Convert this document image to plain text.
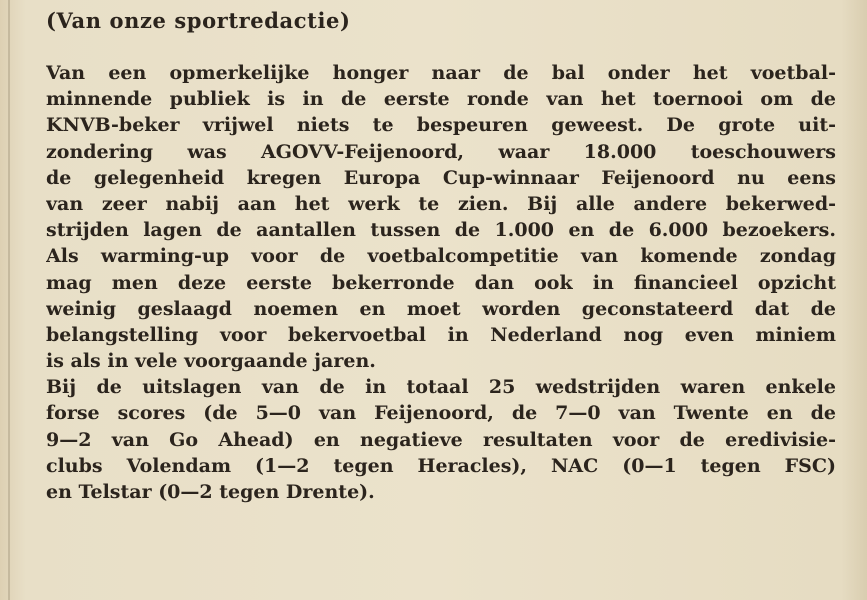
(Van onze sportredactie)
Van een opmerkelijke honger naar de bal onder het voetbal-
minnende publiek is in de eerste ronde van het toernooi om de
KNVB-beker vrijwel niets te bespeuren geweest. De grote uit-
zondering was AGOVV-Feijenoord, waar 18.000 toeschouwers
de gelegenheid kregen Europa Cup-winnaar Feijenoord nu eens
van zeer nabij aan het werk te zien. Bij alle andere bekerwed-
strijden lagen de aantallen tussen de 1.000 en de 6.000 bezoekers.
Als warming-up voor de voetbalcompetitie van komende zondag
mag men deze eerste bekerronde dan ook in financieel opzicht
weinig geslaagd noemen en moet worden geconstateerd dat de
belangstelling voor bekervoetbal in Nederland nog even miniem
is als in vele voorgaande jaren.
Bij de uitslagen van de in totaal 25 wedstrijden waren enkele
forse scores (de 5—0 van Feijenoord, de 7—0 van Twente en de
9—2 van Go Ahead) en negatieve resultaten voor de eredivisie-
clubs Volendam (1—2 tegen Heracles), NAC (0—1 tegen FSC)
en Telstar (0—2 tegen Drente).
